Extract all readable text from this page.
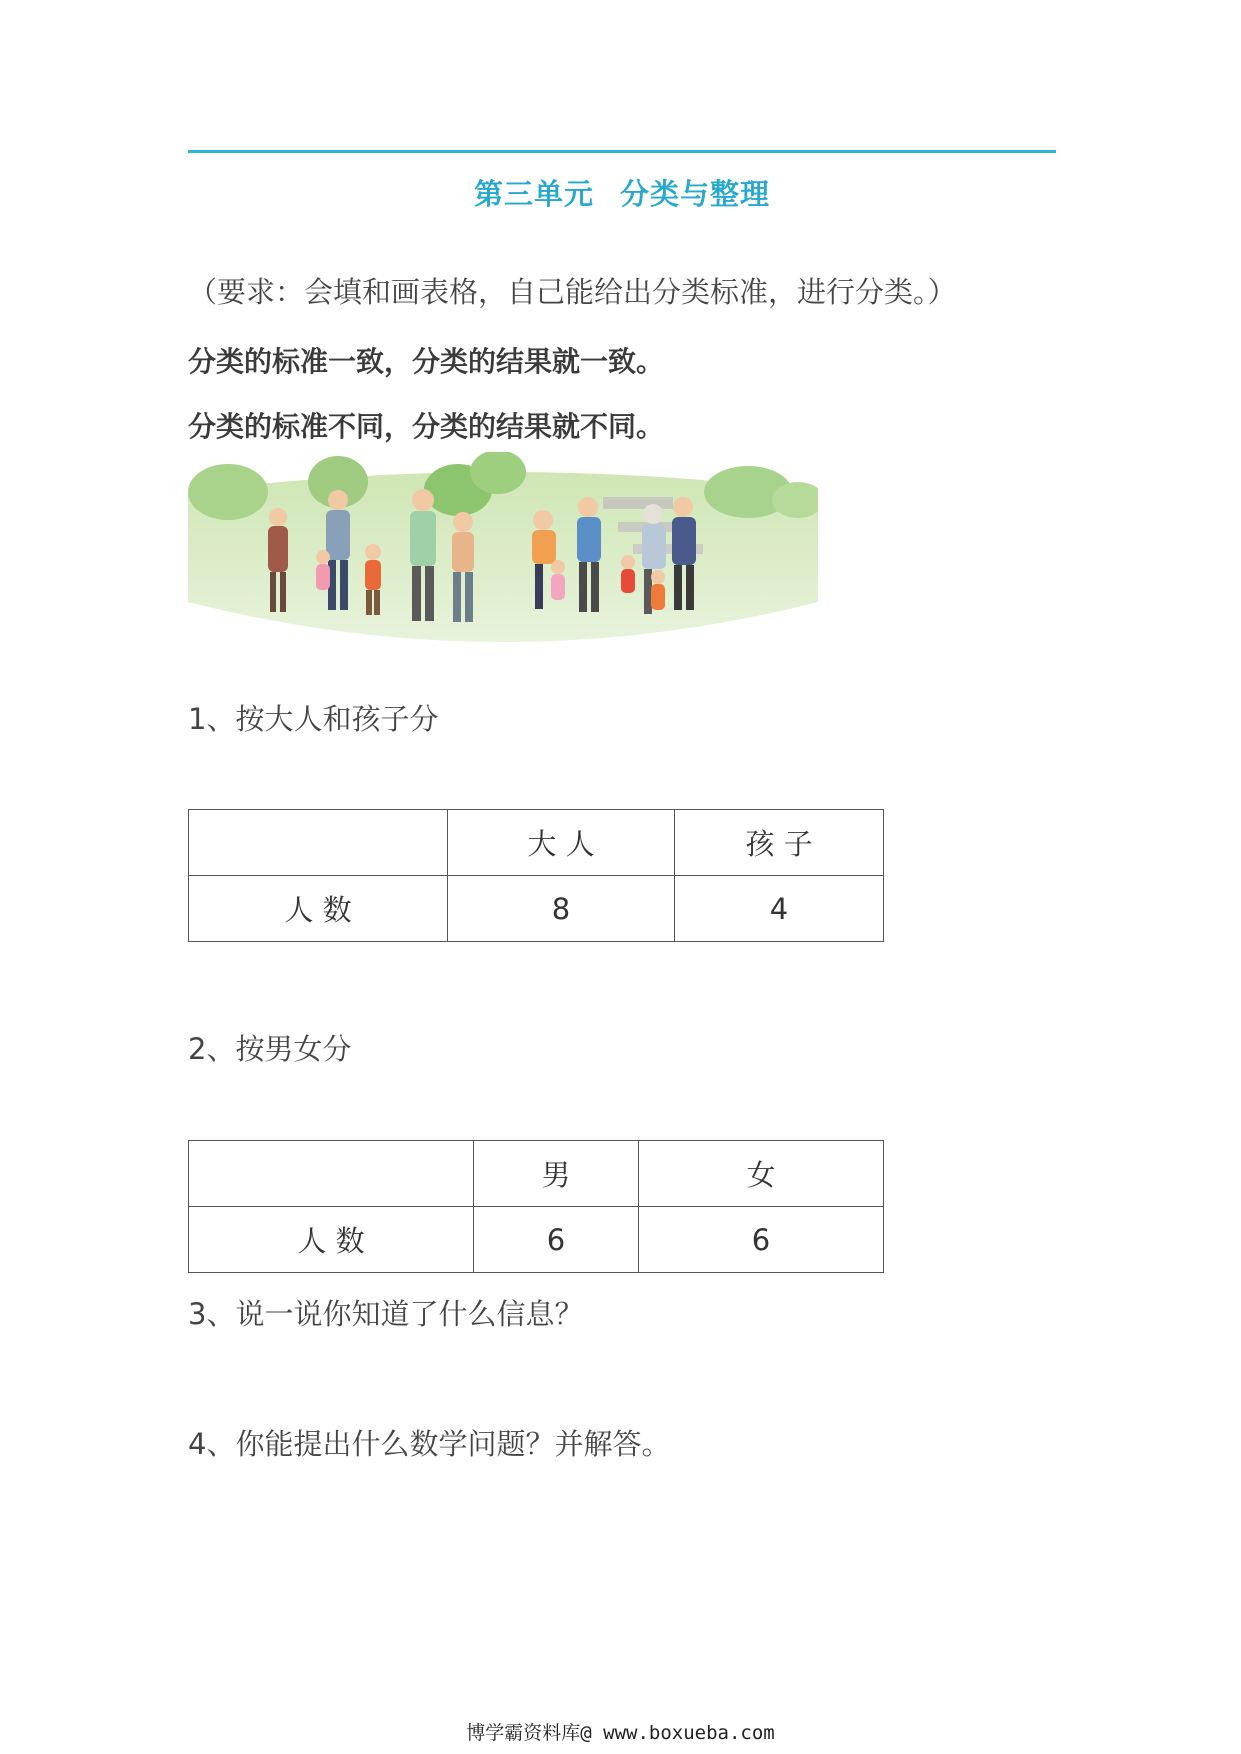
第三单元 分类与整理
（要求：会填和画表格，自己能给出分类标准，进行分类。）
分类的标准一致，分类的结果就一致。
分类的标准不同，分类的结果就不同。
1、按大人和孩子分
	大 人	孩 子
人 数	8	4
2、按男女分
	男	女
人 数	6	6
3、说一说你知道了什么信息？
4、你能提出什么数学问题？并解答。
博学霸资料库@ www.boxueba.com
